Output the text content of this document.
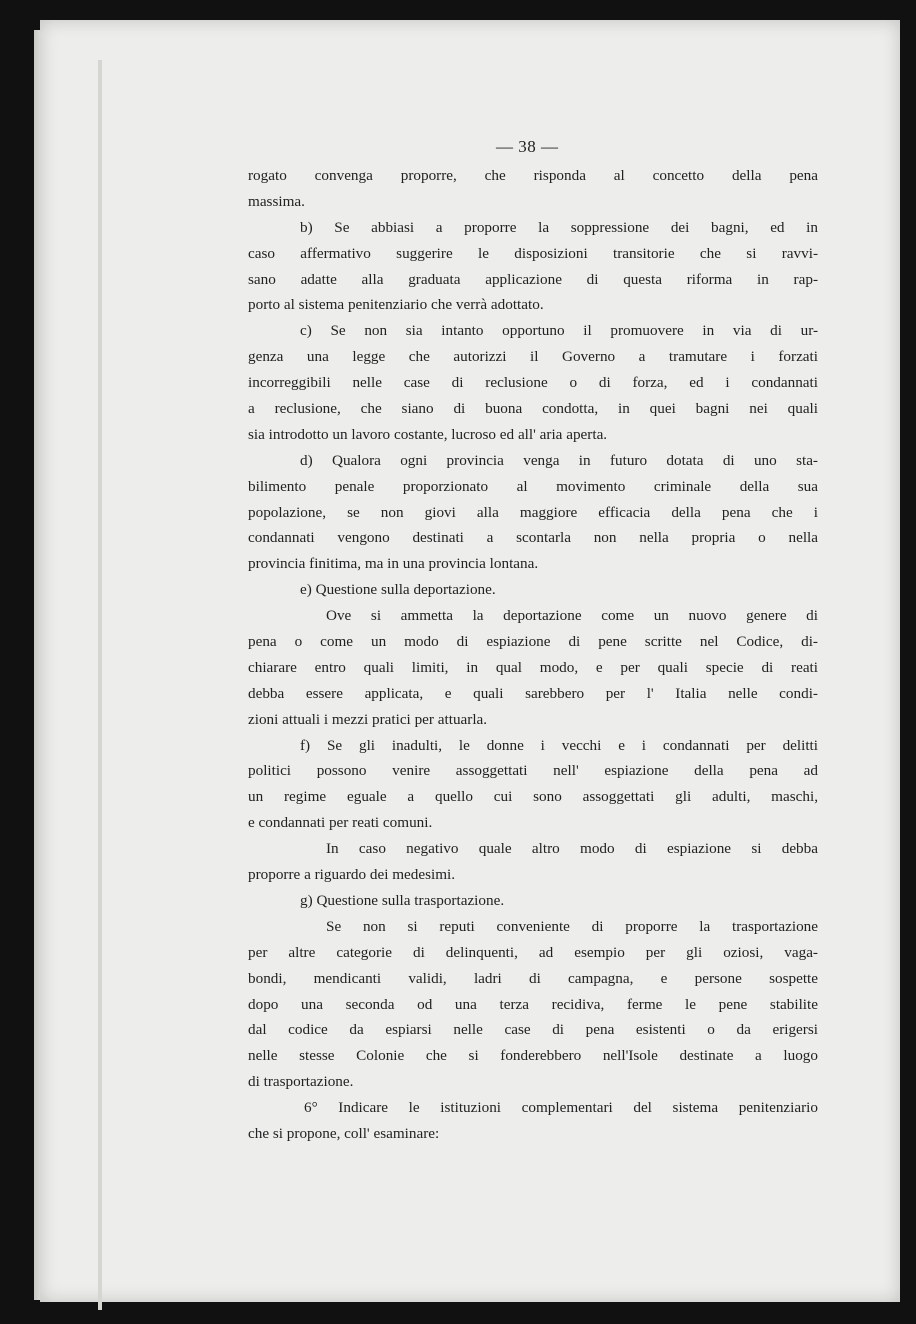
— 38 —
rogato convenga proporre, che risponda al concetto della pena
massima.
b) Se abbiasi a proporre la soppressione dei bagni, ed in
caso affermativo suggerire le disposizioni transitorie che si ravvi-
sano adatte alla graduata applicazione di questa riforma in rap-
porto al sistema penitenziario che verrà adottato.
c) Se non sia intanto opportuno il promuovere in via di ur-
genza una legge che autorizzi il Governo a tramutare i forzati
incorreggibili nelle case di reclusione o di forza, ed i condannati
a reclusione, che siano di buona condotta, in quei bagni nei quali
sia introdotto un lavoro costante, lucroso ed all' aria aperta.
d) Qualora ogni provincia venga in futuro dotata di uno sta-
bilimento penale proporzionato al movimento criminale della sua
popolazione, se non giovi alla maggiore efficacia della pena che i
condannati vengono destinati a scontarla non nella propria o nella
provincia finitima, ma in una provincia lontana.
e) Questione sulla deportazione.
Ove si ammetta la deportazione come un nuovo genere di
pena o come un modo di espiazione di pene scritte nel Codice, di-
chiarare entro quali limiti, in qual modo, e per quali specie di reati
debba essere applicata, e quali sarebbero per l' Italia nelle condi-
zioni attuali i mezzi pratici per attuarla.
f) Se gli inadulti, le donne i vecchi e i condannati per delitti
politici possono venire assoggettati nell' espiazione della pena ad
un regime eguale a quello cui sono assoggettati gli adulti, maschi,
e condannati per reati comuni.
In caso negativo quale altro modo di espiazione si debba
proporre a riguardo dei medesimi.
g) Questione sulla trasportazione.
Se non si reputi conveniente di proporre la trasportazione
per altre categorie di delinquenti, ad esempio per gli oziosi, vaga-
bondi, mendicanti validi, ladri di campagna, e persone sospette
dopo una seconda od una terza recidiva, ferme le pene stabilite
dal codice da espiarsi nelle case di pena esistenti o da erigersi
nelle stesse Colonie che si fonderebbero nell'Isole destinate a luogo
di trasportazione.
6° Indicare le istituzioni complementari del sistema penitenziario
che si propone, coll' esaminare:
